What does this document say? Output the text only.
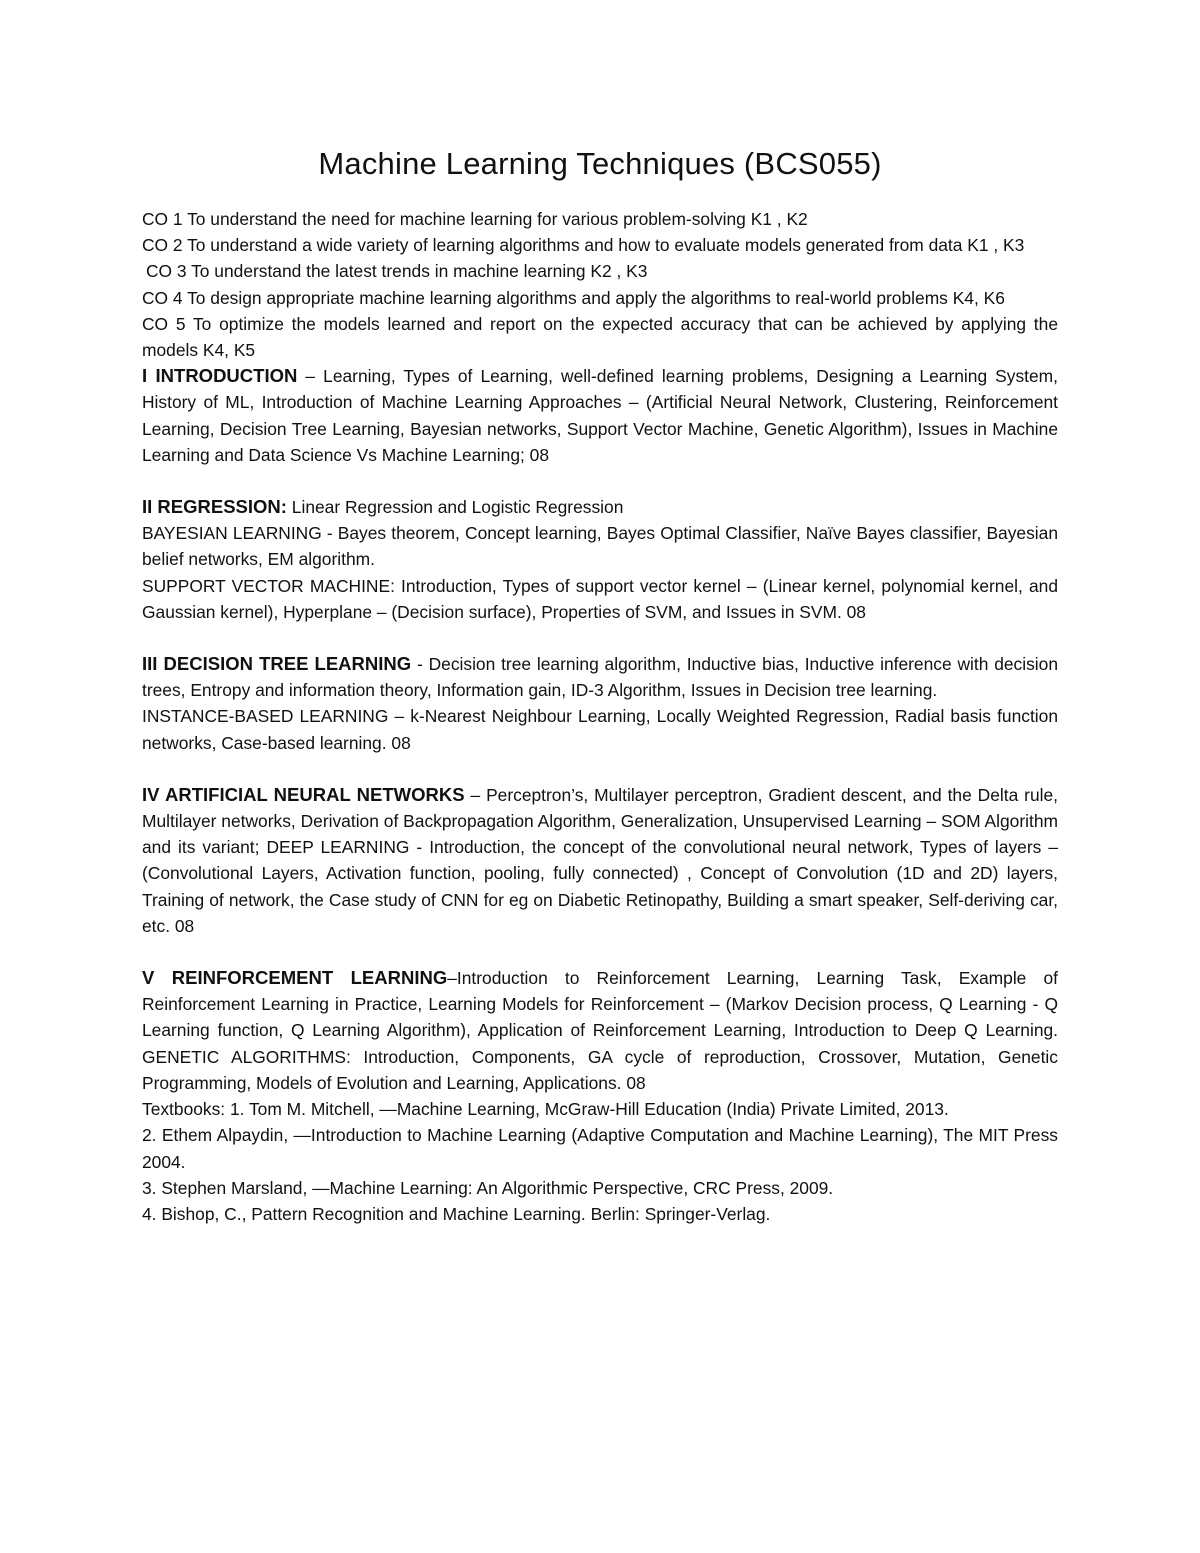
Machine Learning Techniques (BCS055)

CO 1 To understand the need for machine learning for various problem-solving K1 , K2

CO 2 To understand a wide variety of learning algorithms and how to evaluate models generated from data K1 , K3

CO 3 To understand the latest trends in machine learning K2 , K3

CO 4 To design appropriate machine learning algorithms and apply the algorithms to real-world problems K4, K6

CO 5 To optimize the models learned and report on the expected accuracy that can be achieved by applying the models K4, K5

I INTRODUCTION – Learning, Types of Learning, well-defined learning problems, Designing a Learning System, History of ML, Introduction of Machine Learning Approaches – (Artificial Neural Network, Clustering, Reinforcement Learning, Decision Tree Learning, Bayesian networks, Support Vector Machine, Genetic Algorithm), Issues in Machine Learning and Data Science Vs Machine Learning; 08

II REGRESSION: Linear Regression and Logistic Regression

BAYESIAN LEARNING - Bayes theorem, Concept learning, Bayes Optimal Classifier, Naïve Bayes classifier, Bayesian belief networks, EM algorithm.

SUPPORT VECTOR MACHINE: Introduction, Types of support vector kernel – (Linear kernel, polynomial kernel, and Gaussian kernel), Hyperplane – (Decision surface), Properties of SVM, and Issues in SVM. 08

III DECISION TREE LEARNING - Decision tree learning algorithm, Inductive bias, Inductive inference with decision trees, Entropy and information theory, Information gain, ID-3 Algorithm, Issues in Decision tree learning.

INSTANCE-BASED LEARNING – k-Nearest Neighbour Learning, Locally Weighted Regression, Radial basis function networks, Case-based learning. 08

IV ARTIFICIAL NEURAL NETWORKS – Perceptron’s, Multilayer perceptron, Gradient descent, and the Delta rule, Multilayer networks, Derivation of Backpropagation Algorithm, Generalization, Unsupervised Learning – SOM Algorithm and its variant; DEEP LEARNING - Introduction, the concept of the convolutional neural network, Types of layers – (Convolutional Layers, Activation function, pooling, fully connected) , Concept of Convolution (1D and 2D) layers, Training of network, the Case study of CNN for eg on Diabetic Retinopathy, Building a smart speaker, Self-deriving car, etc. 08

V REINFORCEMENT LEARNING–Introduction to Reinforcement Learning, Learning Task, Example of Reinforcement Learning in Practice, Learning Models for Reinforcement – (Markov Decision process, Q Learning - Q Learning function, Q Learning Algorithm), Application of Reinforcement Learning, Introduction to Deep Q Learning. GENETIC ALGORITHMS: Introduction, Components, GA cycle of reproduction, Crossover, Mutation, Genetic Programming, Models of Evolution and Learning, Applications. 08

Textbooks: 1. Tom M. Mitchell, ―Machine Learning, McGraw-Hill Education (India) Private Limited, 2013.

2. Ethem Alpaydin, ―Introduction to Machine Learning (Adaptive Computation and Machine Learning), The MIT Press 2004.

3. Stephen Marsland, ―Machine Learning: An Algorithmic Perspective, CRC Press, 2009.

4. Bishop, C., Pattern Recognition and Machine Learning. Berlin: Springer-Verlag.
